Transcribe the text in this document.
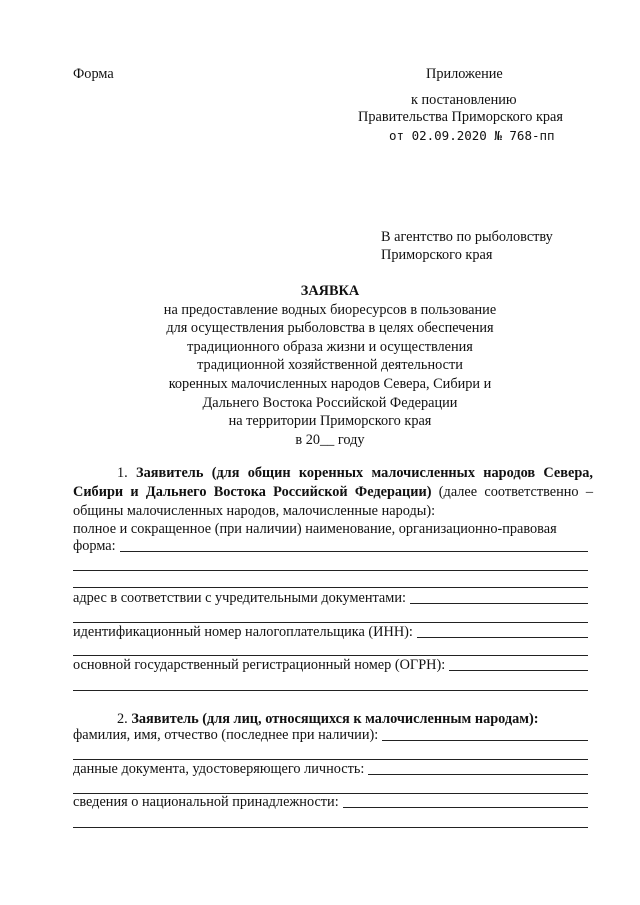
Форма	Приложение
к постановлению
Правительства Приморского края
от 02.09.2020 № 768-пп
В агентство по рыболовству
Приморского края
ЗАЯВКА
на предоставление водных биоресурсов в пользование
для осуществления рыболовства в целях обеспечения
традиционного образа жизни и осуществления
традиционной хозяйственной деятельности
коренных малочисленных народов Севера, Сибири и
Дальнего Востока Российской Федерации
на территории Приморского края
в 20__ году
1. Заявитель (для общин коренных малочисленных народов Севера, Сибири и Дальнего Востока Российской Федерации) (далее соответственно – общины малочисленных народов, малочисленные народы):
полное и сокращенное (при наличии) наименование, организационно-правовая
форма:
адрес в соответствии с учредительными документами:
идентификационный номер налогоплательщика (ИНН):
основной государственный регистрационный номер (ОГРН):
2. Заявитель (для лиц, относящихся к малочисленным народам):
фамилия, имя, отчество (последнее при наличии):
данные документа, удостоверяющего личность:
сведения о национальной принадлежности:
